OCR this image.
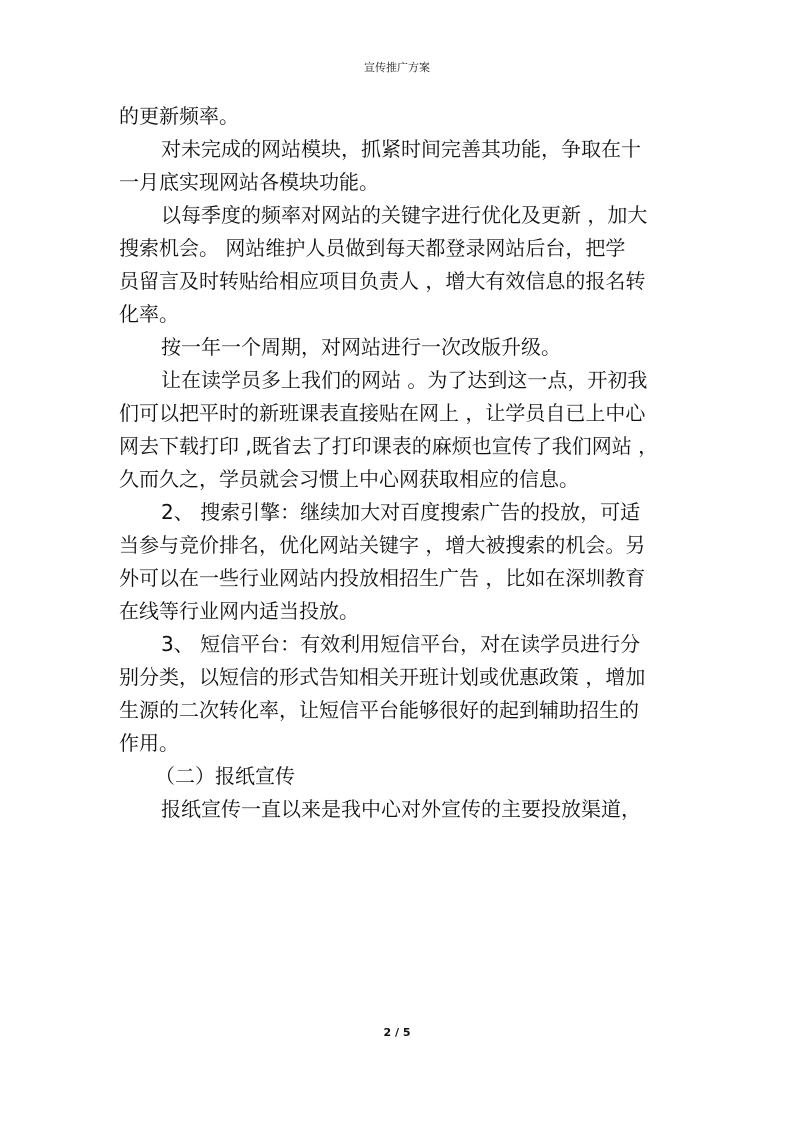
宣传推广方案

的更新频率。

对未完成的网站模块，抓紧时间完善其功能，争取在十

一月底实现网站各模块功能。

以每季度的频率对网站的关键字进行优化及更新 ，加大

搜索机会。 网站维护人员做到每天都登录网站后台，把学

员留言及时转贴给相应项目负责人 ，增大有效信息的报名转

化率。

按一年一个周期，对网站进行一次改版升级。

让在读学员多上我们的网站 。为了达到这一点，开初我

们可以把平时的新班课表直接贴在网上 ，让学员自已上中心

网去下载打印 ,既省去了打印课表的麻烦也宣传了我们网站 ，

久而久之，学员就会习惯上中心网获取相应的信息。

2、 搜索引擎：继续加大对百度搜索广告的投放，可适

当参与竞价排名，优化网站关键字 ，增大被搜索的机会。另

外可以在一些行业网站内投放相招生广告 ，比如在深圳教育

在线等行业网内适当投放。

3、 短信平台：有效利用短信平台，对在读学员进行分

别分类，以短信的形式告知相关开班计划或优惠政策 ，增加

生源的二次转化率，让短信平台能够很好的起到辅助招生的

作用。

（二）报纸宣传

报纸宣传一直以来是我中心对外宣传的主要投放渠道，

2 / 5
